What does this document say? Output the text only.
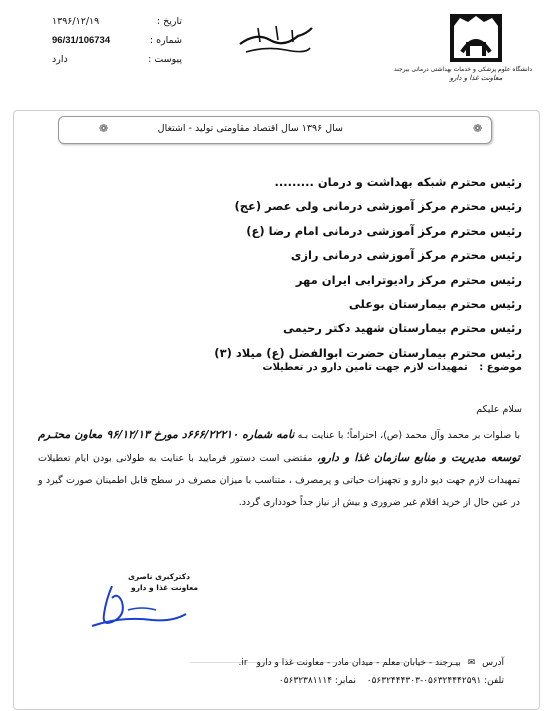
دانشگاه علوم پزشکی و خدمات بهداشتی درمانی بیرجند
معاونت غذا و دارو
بسمه تعالی
تاریخ :
۱۳۹۶/۱۲/۱۹
شماره :
96/31/106734
پیوست :
دارد
❁	سال ۱۳۹۶ سال اقتصاد مقاومتی تولید - اشتغال	❁
رئیس محترم شبکه بهداشت و درمان .........
رئیس محترم مرکز آموزشی درمانی ولی عصر (عج)
رئیس محترم مرکز آموزشی درمانی امام رضا (ع)
رئیس محترم مرکز آموزشی درمانی رازی
رئیس محترم مرکز رادیوترابی ایران مهر
رئیس محترم بیمارستان بوعلی
رئیس محترم بیمارستان شهید دکتر رحیمی
رئیس محترم بیمارستان حضرت ابوالفضل (ع) میلاد (۳)
موضوع : تمهیدات لازم جهت تامین دارو در تعطیلات
سلام علیکم
با صلوات بر محمد وآل محمد (ص)، احتراماً؛ با عنایت بـه نامه شماره ۶۶۶/۲۲۲۱۰د مورخ ۹۶/۱۲/۱۳ معاون محتـرم توسعه مدیریت و منابع سازمان غذا و دارو، مقتضی است دستور فرمایید با عنایت به طولانی بودن ایام تعطیلات تمهیدات لازم جهت دپو دارو و تجهیزات حیاتی و پرمصرف ، متناسب با میزان مصرف در سطح قابل اطمینان صورت گیرد و در عین حال از خرید اقلام غیر ضروری و بیش از نیاز جداً خودداری گردد.
دکترکبری ناصری
معاونت غذا و دارو
آدرس ✉ بیـرجند - خیابان معلم - میدان مادر - معاونت غذا و دارو ir.
تلفن: ۰۵۶۳۲۴۴۴۲۵۹۱-۰۵۶۳۲۴۴۴۳۰۳ نمابر: ۰۵۶۳۲۳۸۱۱۱۴
